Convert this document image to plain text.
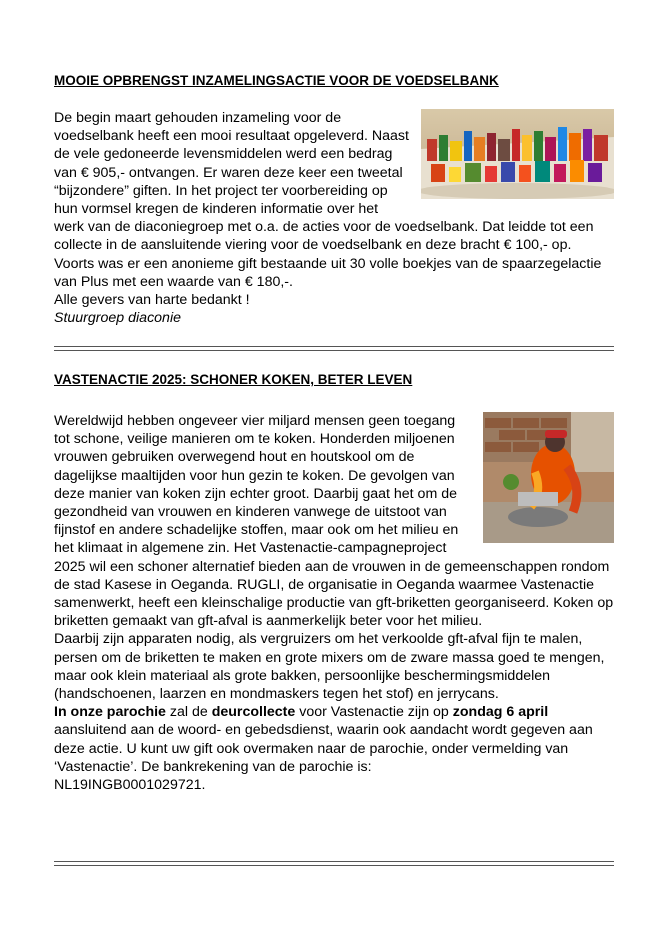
MOOIE OPBRENGST INZAMELINGSACTIE VOOR DE VOEDSELBANK

De begin maart gehouden inzameling voor de voedselbank heeft een mooi resultaat opgeleverd. Naast de vele gedoneerde levensmiddelen werd een bedrag van € 905,- ontvangen. Er waren deze keer een tweetal “bijzondere” giften. In het project ter voorbereiding op hun vormsel kregen de kinderen informatie over het werk van de diaconiegroep met o.a. de acties voor de voedselbank. Dat leidde tot een collecte in de aansluitende viering voor de voedselbank en deze bracht € 100,- op. Voorts was er een anonieme gift bestaande uit 30 volle boekjes van de spaarzegelactie van Plus met een waarde van € 180,-.

Alle gevers van harte bedankt !

Stuurgroep diaconie

VASTENACTIE 2025: SCHONER KOKEN, BETER LEVEN

Wereldwijd hebben ongeveer vier miljard mensen geen toegang tot schone, veilige manieren om te koken. Honderden miljoenen vrouwen gebruiken overwegend hout en houtskool om de dagelijkse maaltijden voor hun gezin te koken. De gevolgen van deze manier van koken zijn echter groot. Daarbij gaat het om de gezondheid van vrouwen en kinderen vanwege de uitstoot van fijnstof en andere schadelijke stoffen, maar ook om het milieu en het klimaat in algemene zin. Het Vastenactie-campagneproject 2025 wil een schoner alternatief bieden aan de vrouwen in de gemeenschappen rondom de stad Kasese in Oeganda. RUGLI, de organisatie in Oeganda waarmee Vastenactie samenwerkt, heeft een kleinschalige productie van gft-briketten georganiseerd. Koken op briketten gemaakt van gft-afval is aanmerkelijk beter voor het milieu.

Daarbij zijn apparaten nodig, als vergruizers om het verkoolde gft-afval fijn te malen, persen om de briketten te maken en grote mixers om de zware massa goed te mengen, maar ook klein materiaal als grote bakken, persoonlijke beschermingsmiddelen (handschoenen, laarzen en mondmaskers tegen het stof) en jerrycans.

In onze parochie zal de deurcollecte voor Vastenactie zijn op zondag 6 april aansluitend aan de woord- en gebedsdienst, waarin ook aandacht wordt gegeven aan deze actie. U kunt uw gift ook overmaken naar de parochie, onder vermelding van ‘Vastenactie’. De bankrekening van de parochie is:

NL19INGB0001029721.
